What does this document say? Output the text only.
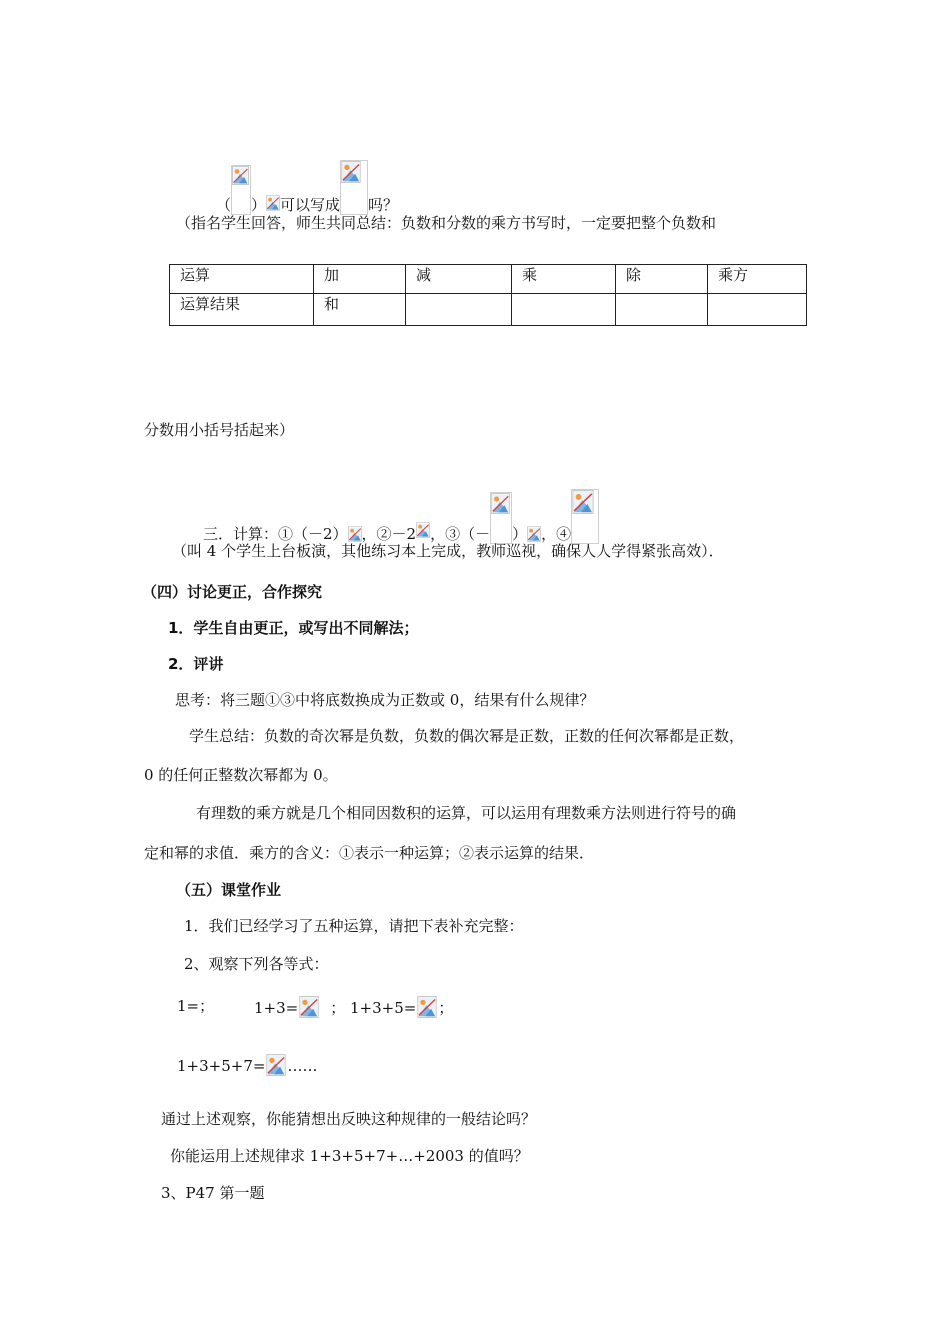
（ ） 可以写成 吗？
（指名学生回答，师生共同总结：负数和分数的乘方书写时，一定要把整个负数和
运算	加	减	乘	除	乘方
运算结果	和				
分数用小括号括起来）
三．计算：①（－2） ，②－2 ，③（－ ） ，④
（叫 4 个学生上台板演，其他练习本上完成，教师巡视，确保人人学得紧张高效）．
（四）讨论更正，合作探究
1．学生自由更正，或写出不同解法；
2．评讲
思考：将三题①③中将底数换成为正数或 0，结果有什么规律？
学生总结：负数的奇次幂是负数，负数的偶次幂是正数，正数的任何次幂都是正数，
0 的任何正整数次幂都为 0。
有理数的乘方就是几个相同因数积的运算，可以运用有理数乘方法则进行符号的确
定和幂的求值．乘方的含义：①表示一种运算；②表示运算的结果．
（五）课堂作业
1．我们已经学习了五种运算，请把下表补充完整：
2、观察下列各等式：
1=；	1+3= ； 1+3+5= ；
1+3+5+7= ……
通过上述观察，你能猜想出反映这种规律的一般结论吗？
你能运用上述规律求 1+3+5+7+…+2003 的值吗？
3、P47 第一题
